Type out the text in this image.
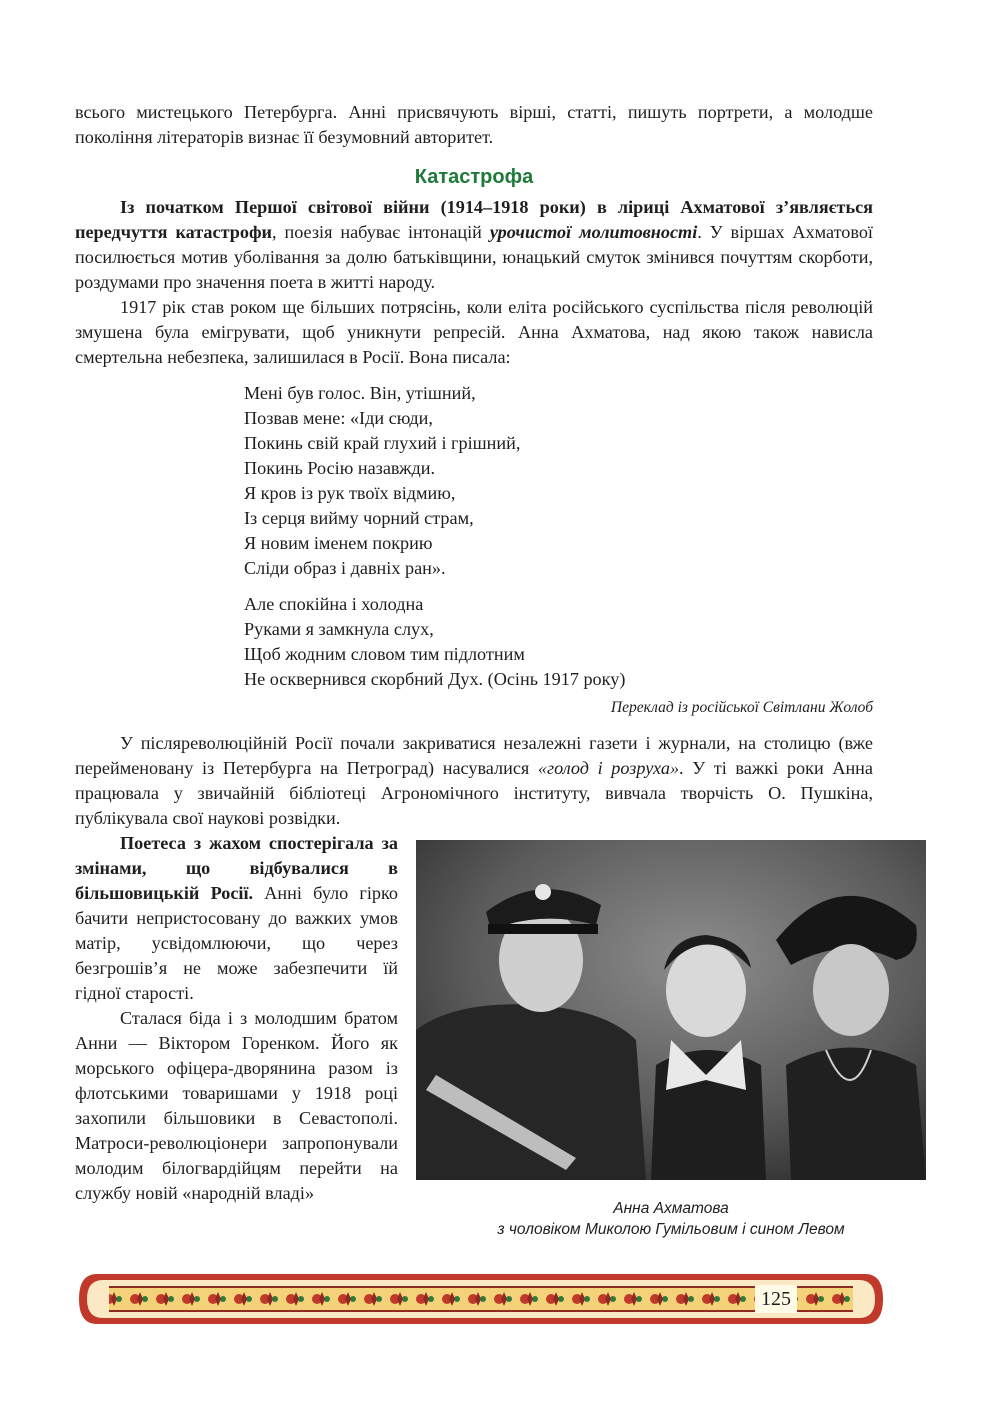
всього мистецького Петербурга. Анні присвячують вірші, статті, пишуть портрети, а молодше покоління літераторів визнає її безумовний авторитет.

Катастрофа

Із початком Першої світової війни (1914–1918 роки) в ліриці Ахматової з’являється передчуття катастрофи, поезія набуває інтонацій урочистої молитовності. У віршах Ахматової посилюється мотив уболівання за долю батьківщини, юнацький смуток змінився почуттям скорботи, роздумами про значення поета в житті народу.

1917 рік став роком ще більших потрясінь, коли еліта російського суспільства після революцій змушена була емігрувати, щоб уникнути репресій. Анна Ахматова, над якою також нависла смертельна небезпека, залишилася в Росії. Вона писала:

Мені був голос. Він, утішний,
Позвав мене: «Іди сюди,
Покинь свій край глухий і грішний,
Покинь Росію назавжди.
Я кров із рук твоїх відмию,
Із серця вийму чорний страм,
Я новим іменем покрию
Сліди образ і давніх ран».
Але спокійна і холодна
Руками я замкнула слух,
Щоб жодним словом тим підлотним
Не осквернився скорбний Дух. (Осінь 1917 року)
Переклад із російської Світлани Жолоб

У післяреволюційній Росії почали закриватися незалежні газети і журнали, на столицю (вже перейменовану із Петербурга на Петроград) насувалися «голод і розруха». У ті важкі роки Анна працювала у звичайній бібліотеці Агрономічного інституту, вивчала творчість О. Пушкіна, публікувала свої наукові розвідки.

Поетеса з жахом спостерігала за змінами, що відбувалися в більшовицькій Росії. Анні було гірко бачити непристосовану до важких умов матір, усвідомлюючи, що через безгрошів’я не може забезпечити їй гідної старості.

Сталася біда і з молодшим братом Анни — Віктором Горенком. Його як морського офіцера-дворянина разом із флотськими товаришами у 1918 році захопили більшовики в Севастополі. Матроси-революціонери запропонували молодим білогвардійцям перейти на службу новій «народній владі»

Анна Ахматова
з чоловіком Миколою Гумільовим і сином Левом
125
